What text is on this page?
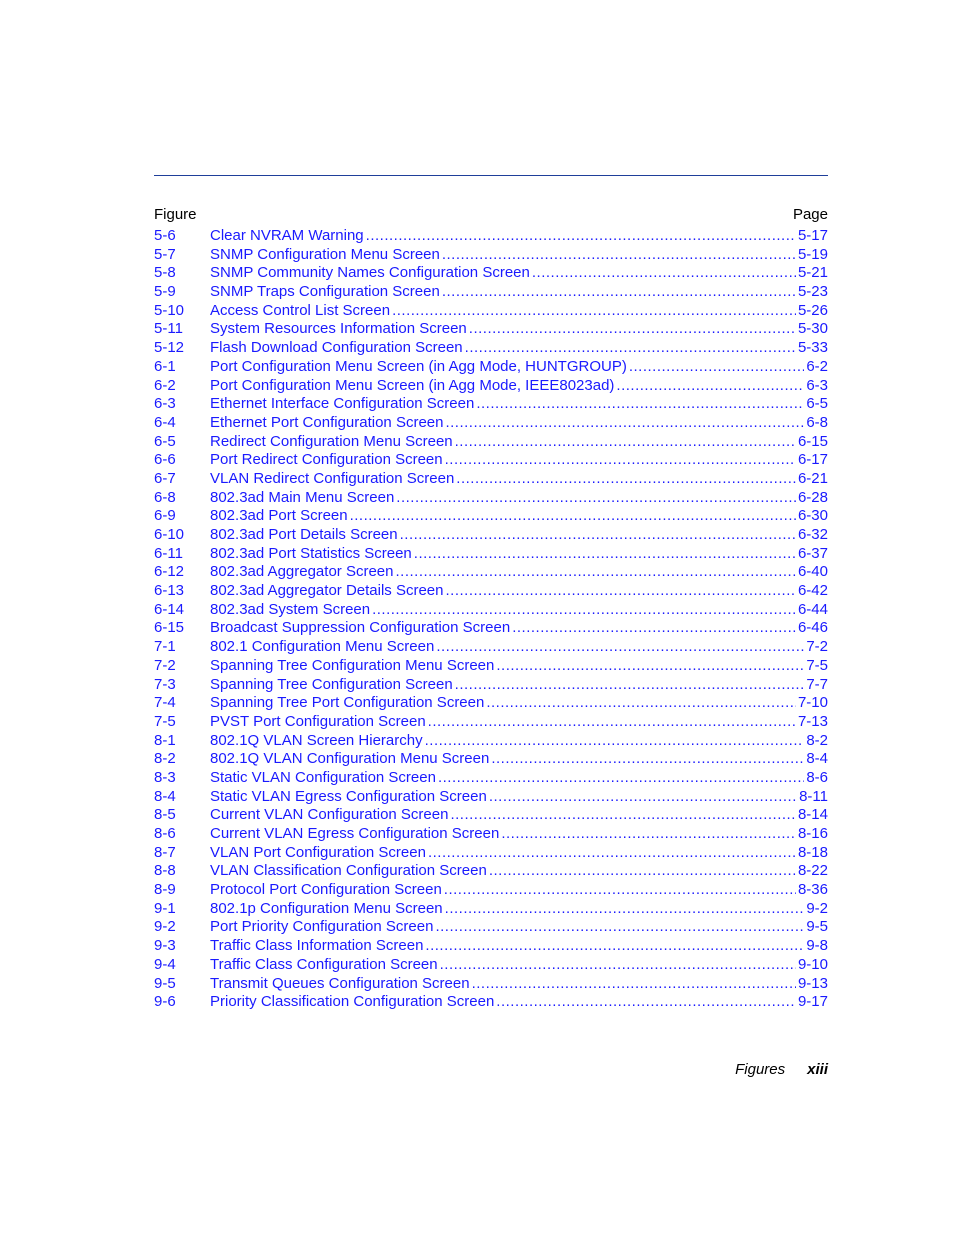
Figure	Page
5-6	Clear NVRAM Warning .....	5-17
5-7	SNMP Configuration Menu Screen .....	5-19
5-8	SNMP Community Names Configuration Screen .....	5-21
5-9	SNMP Traps Configuration Screen .....	5-23
5-10	Access Control List Screen .....	5-26
5-11	System Resources Information Screen .....	5-30
5-12	Flash Download Configuration Screen .....	5-33
6-1	Port Configuration Menu Screen (in Agg Mode, HUNTGROUP) .....	6-2
6-2	Port Configuration Menu Screen (in Agg Mode, IEEE8023ad) .....	6-3
6-3	Ethernet Interface Configuration Screen .....	6-5
6-4	Ethernet Port Configuration Screen .....	6-8
6-5	Redirect Configuration Menu Screen .....	6-15
6-6	Port Redirect Configuration Screen .....	6-17
6-7	VLAN Redirect Configuration Screen .....	6-21
6-8	802.3ad Main Menu Screen .....	6-28
6-9	802.3ad Port Screen .....	6-30
6-10	802.3ad Port Details Screen .....	6-32
6-11	802.3ad Port Statistics Screen .....	6-37
6-12	802.3ad Aggregator Screen .....	6-40
6-13	802.3ad Aggregator Details Screen .....	6-42
6-14	802.3ad System Screen .....	6-44
6-15	Broadcast Suppression Configuration Screen .....	6-46
7-1	802.1 Configuration Menu Screen .....	7-2
7-2	Spanning Tree Configuration Menu Screen .....	7-5
7-3	Spanning Tree Configuration Screen .....	7-7
7-4	Spanning Tree Port Configuration Screen .....	7-10
7-5	PVST Port Configuration Screen .....	7-13
8-1	802.1Q VLAN Screen Hierarchy .....	8-2
8-2	802.1Q VLAN Configuration Menu Screen .....	8-4
8-3	Static VLAN Configuration Screen .....	8-6
8-4	Static VLAN Egress Configuration Screen .....	8-11
8-5	Current VLAN Configuration Screen .....	8-14
8-6	Current VLAN Egress Configuration Screen .....	8-16
8-7	VLAN Port Configuration Screen .....	8-18
8-8	VLAN Classification Configuration Screen .....	8-22
8-9	Protocol Port Configuration Screen .....	8-36
9-1	802.1p Configuration Menu Screen .....	9-2
9-2	Port Priority Configuration Screen .....	9-5
9-3	Traffic Class Information Screen .....	9-8
9-4	Traffic Class Configuration Screen .....	9-10
9-5	Transmit Queues Configuration Screen .....	9-13
9-6	Priority Classification Configuration Screen .....	9-17
Figures xiii
